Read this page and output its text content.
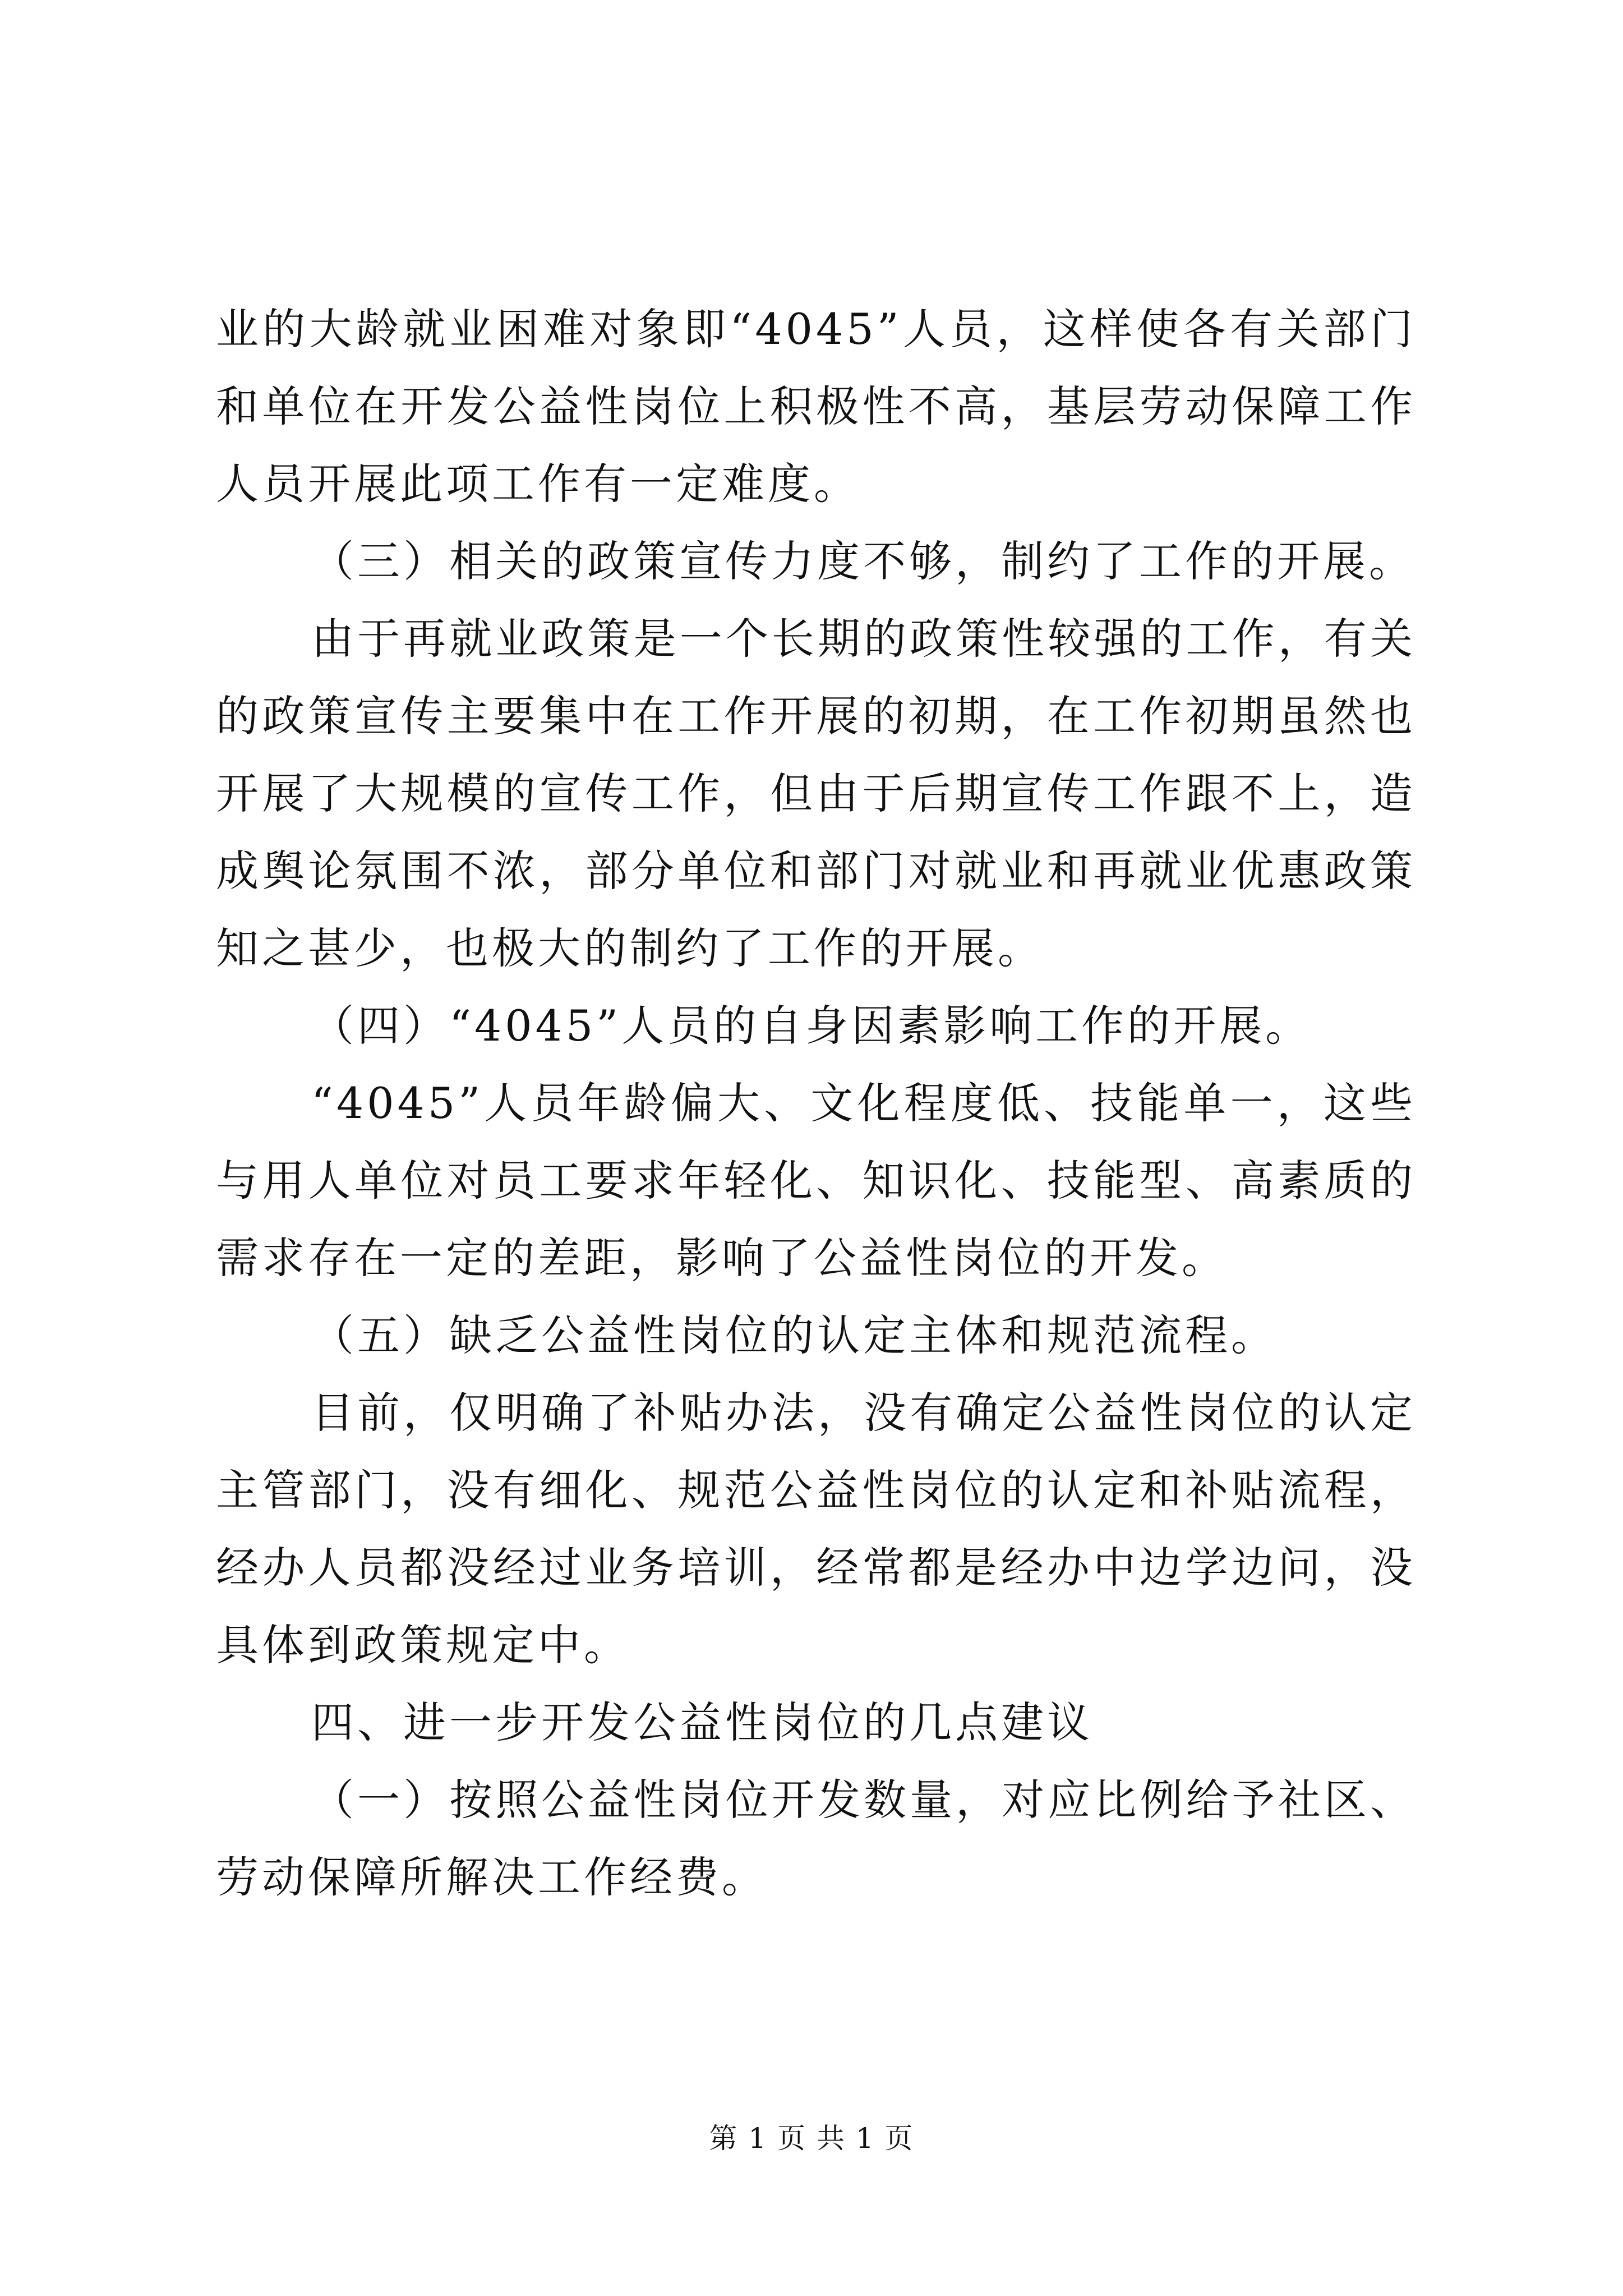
业的大龄就业困难对象即“4045”人员，这样使各有关部门和单位在开发公益性岗位上积极性不高，基层劳动保障工作人员开展此项工作有一定难度。

（三）相关的政策宣传力度不够，制约了工作的开展。

由于再就业政策是一个长期的政策性较强的工作，有关的政策宣传主要集中在工作开展的初期，在工作初期虽然也开展了大规模的宣传工作，但由于后期宣传工作跟不上，造成舆论氛围不浓，部分单位和部门对就业和再就业优惠政策知之甚少，也极大的制约了工作的开展。

（四）“4045”人员的自身因素影响工作的开展。

“4045”人员年龄偏大、文化程度低、技能单一，这些与用人单位对员工要求年轻化、知识化、技能型、高素质的需求存在一定的差距，影响了公益性岗位的开发。

（五）缺乏公益性岗位的认定主体和规范流程。

目前，仅明确了补贴办法，没有确定公益性岗位的认定主管部门，没有细化、规范公益性岗位的认定和补贴流程，经办人员都没经过业务培训，经常都是经办中边学边问，没具体到政策规定中。

四、进一步开发公益性岗位的几点建议

（一）按照公益性岗位开发数量，对应比例给予社区、劳动保障所解决工作经费。

第 1 页 共 1 页
